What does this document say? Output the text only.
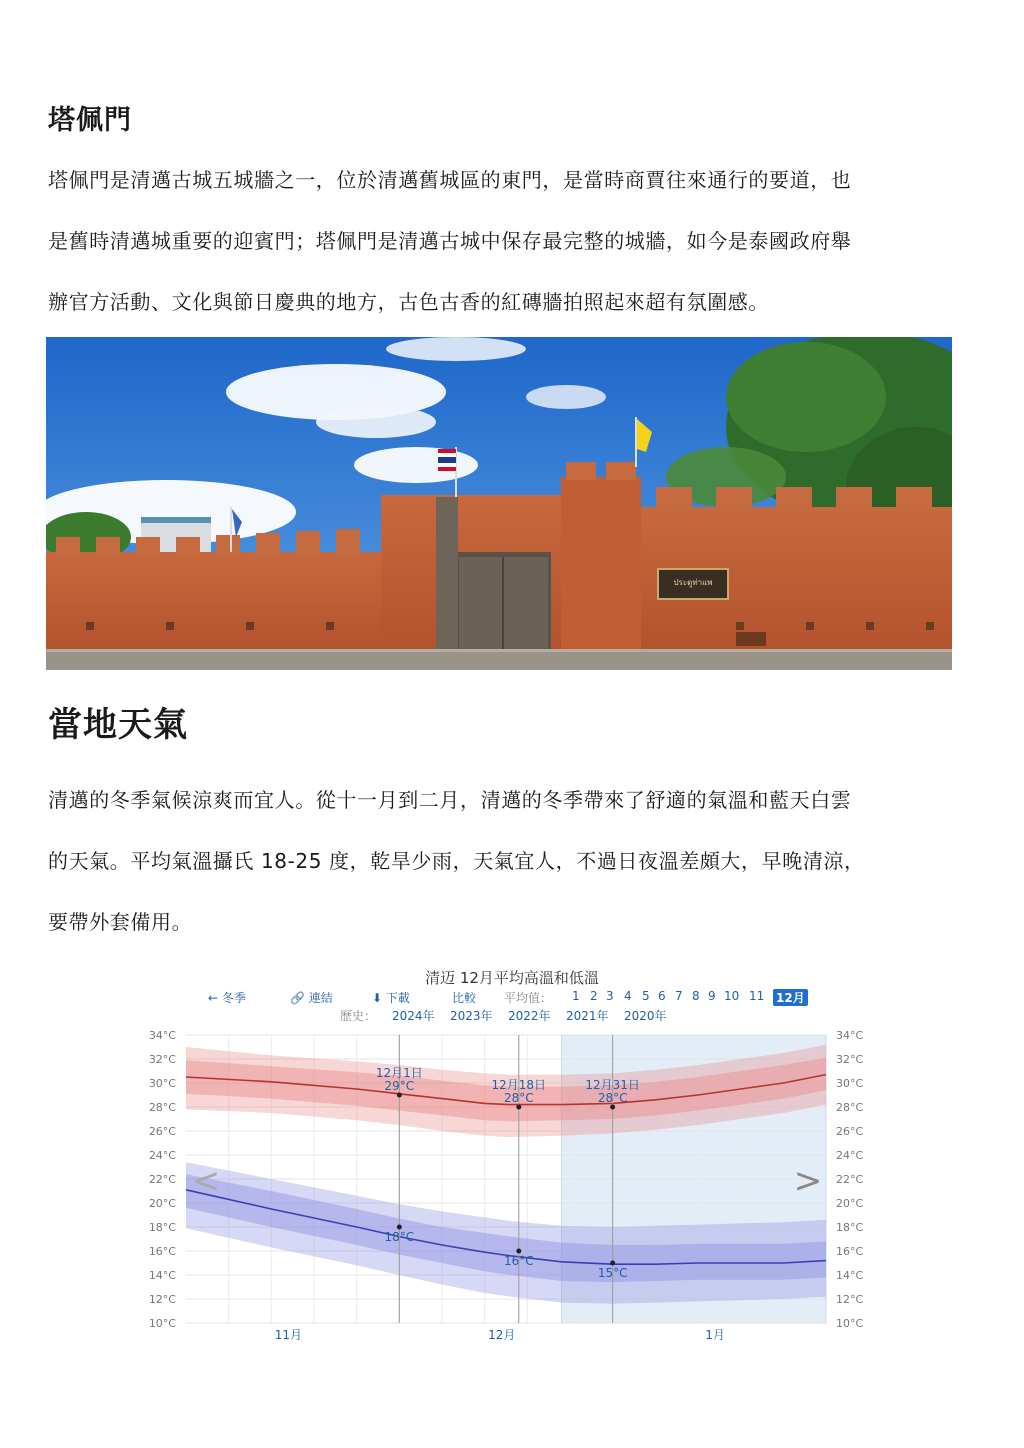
塔佩門

塔佩門是清邁古城五城牆之一，位於清邁舊城區的東門，是當時商賈往來通行的要道，也
是舊時清邁城重要的迎賓門；塔佩門是清邁古城中保存最完整的城牆，如今是泰國政府舉
辦官方活動、文化與節日慶典的地方，古色古香的紅磚牆拍照起來超有氛圍感。

ประตูท่าแพ
當地天氣

清邁的冬季氣候涼爽而宜人。從十一月到二月，清邁的冬季帶來了舒適的氣溫和藍天白雲
的天氣。平均氣溫攝氏 18-25 度，乾旱少雨，天氣宜人，不過日夜溫差頗大，早晚清涼，
要帶外套備用。

清迈 12月平均高溫和低溫
← 冬季	🔗 連結	⬇ 下載	比較 平均值： 1 2 3 4 5 6 7 8 9 10 11 12月
歷史： 2024年 2023年 2022年 2021年 2020年
10°C	10°C
12°C	12°C
14°C	14°C
16°C	16°C
18°C	18°C
20°C	20°C
22°C	22°C
24°C	24°C
26°C	26°C
28°C	28°C
30°C	30°C
32°C	32°C
34°C	34°C
11月	12月	1月
12月1日
29°C
18°C
12月18日
28°C
16°C
12月31日
28°C
15°C
<	>
